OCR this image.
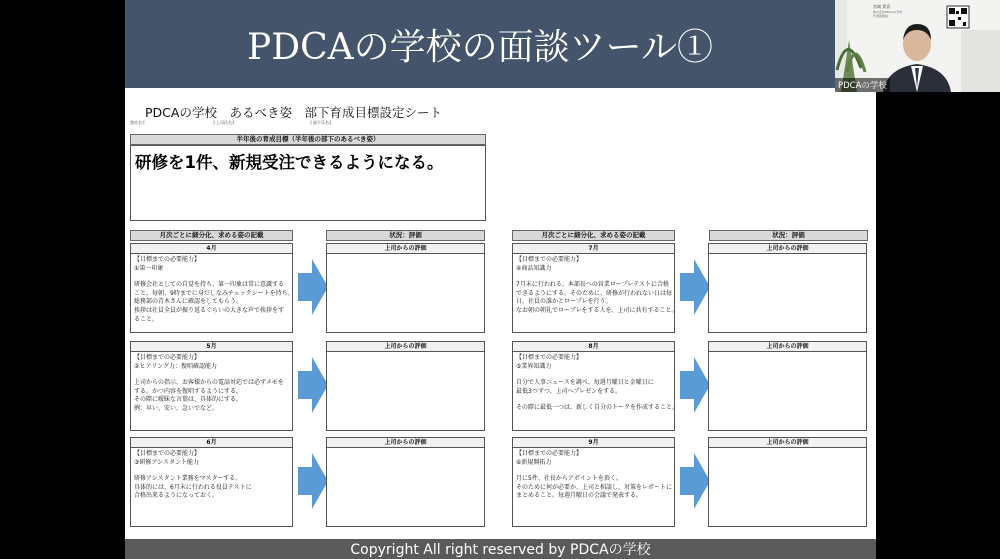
PDCAの学校の面談ツール①
PDCAの学校　あるべき姿　部下育成目標設定シート
貴社名:[	] 上司氏名:[	] 部下氏名:[
半年後の育成目標（半年後の部下のあるべき姿）
研修を1件、新規受注できるようになる。
月次ごとに細分化、求める姿の記載	状況：評価	月次ごとに細分化、求める姿の記載	状況：評価
4月
【目標までの必要能力】
①第一印象
研修会社としての自覚を持ち、第一印象は常に意識する
こと。毎朝、9時までに身だしなみチェックシートを持ち、
総務部の青木さんに確認をしてもらう。
挨拶は社員全員が振り返るぐらいの大きな声で挨拶をす
ること。
上司からの評価
5月
【目標までの必要能力】
②ヒアリング力：復唱確認能力
上司からの指示、お客様からの電話対応では必ずメモを
する。かつ内容を復唱するようにする。
その際に曖昧な言葉は、具体的にする。
例：早い、安い、急いでなど。
上司からの評価
6月
【目標までの必要能力】
③研修アシスタント能力
研修アシスタント業務をマスターする。
具体的には、6月末に行われる役員テストに
合格出来るようになっておく。
上司からの評価
7月
【目標までの必要能力】
④商品知識力
7月末に行われる、本部長への営業ロープレテストに合格
できるようにする。そのために、研修が行われない日は毎
日、社員の誰かとロープレを行う。
なお朝の朝礼でロープレをする人を、上司に共有すること。
上司からの評価
8月
【目標までの必要能力】
⑤業界知識力
自分で人事ニュースを調べ、毎週月曜日と金曜日に
最低3つずつ、上司へプレゼンをする。
その際に最低一つは、新しく自分のトークを作成すること。
上司からの評価
9月
【目標までの必要能力】
⑥新規開拓力
月に5件、社長からアポイントを頂く。
そのために何が必要か、上司と相談し、対策をレポートに
まとめること。毎週月曜日の会議で発表する。
上司からの評価
Copyright All right reserved by PDCAの学校
宮城 貴喜
株式会社PDCAの学校
代表取締役
PDCAの学校
